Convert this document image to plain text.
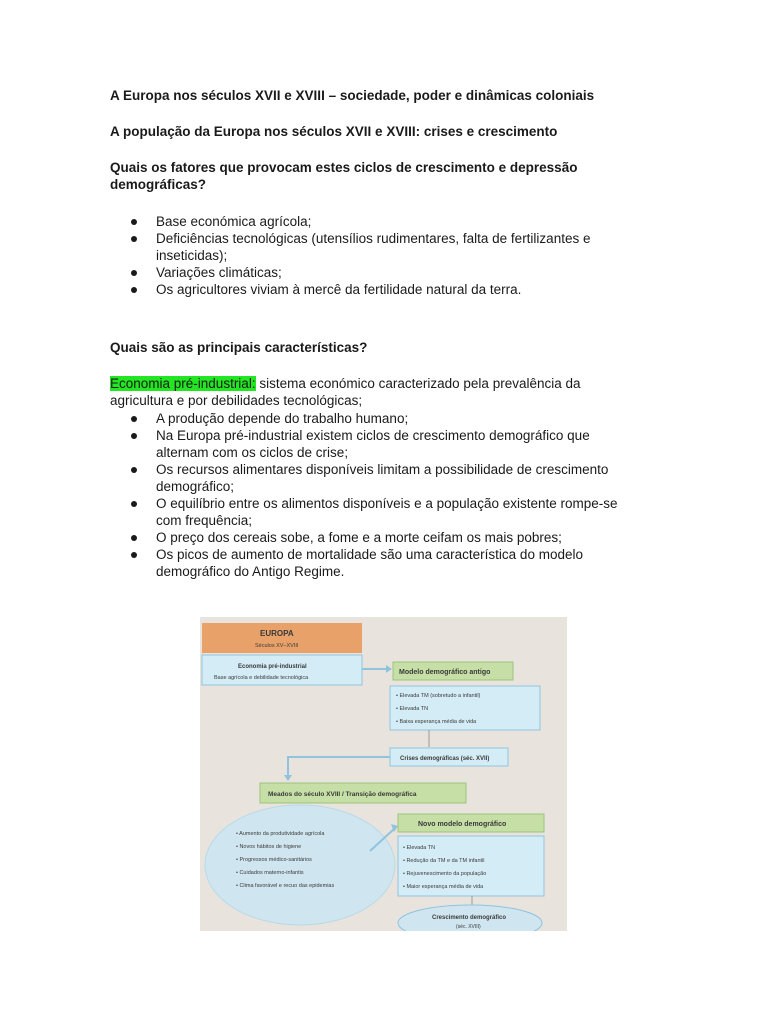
A Europa nos séculos XVII e XVIII – sociedade, poder e dinâmicas coloniais
A população da Europa nos séculos XVII e XVIII: crises e crescimento
Quais os fatores que provocam estes ciclos de crescimento e depressão
demográficas?
Base económica agrícola;
Deficiências tecnológicas (utensílios rudimentares, falta de fertilizantes e
inseticidas);
Variações climáticas;
Os agricultores viviam à mercê da fertilidade natural da terra.
Quais são as principais características?
Economia pré-industrial: sistema económico caracterizado pela prevalência da
agricultura e por debilidades tecnológicas;
A produção depende do trabalho humano;
Na Europa pré-industrial existem ciclos de crescimento demográfico que
alternam com os ciclos de crise;
Os recursos alimentares disponíveis limitam a possibilidade de crescimento
demográfico;
O equilíbrio entre os alimentos disponíveis e a população existente rompe-se
com frequência;
O preço dos cereais sobe, a fome e a morte ceifam os mais pobres;
Os picos de aumento de mortalidade são uma característica do modelo
demográfico do Antigo Regime.
EUROPA
Séculos XV–XVIII
Economia pré-industrial
Base agrícola e debilidade tecnológica
Modelo demográfico antigo
• Elevada TM (sobretudo a infantil)
• Elevada TN
• Baixa esperança média de vida
Crises demográficas (séc. XVII)
Meados do século XVIII / Transição demográfica
• Aumento da produtividade agrícola
• Novos hábitos de higiene
• Progressos médico-sanitários
• Cuidados materno-infantis
• Clima favorável e recuo das epidemias
Novo modelo demográfico
• Elevada TN
• Redução da TM e da TM infantil
• Rejuvenescimento da população
• Maior esperança média de vida
Crescimento demográfico
(séc. XVIII)
